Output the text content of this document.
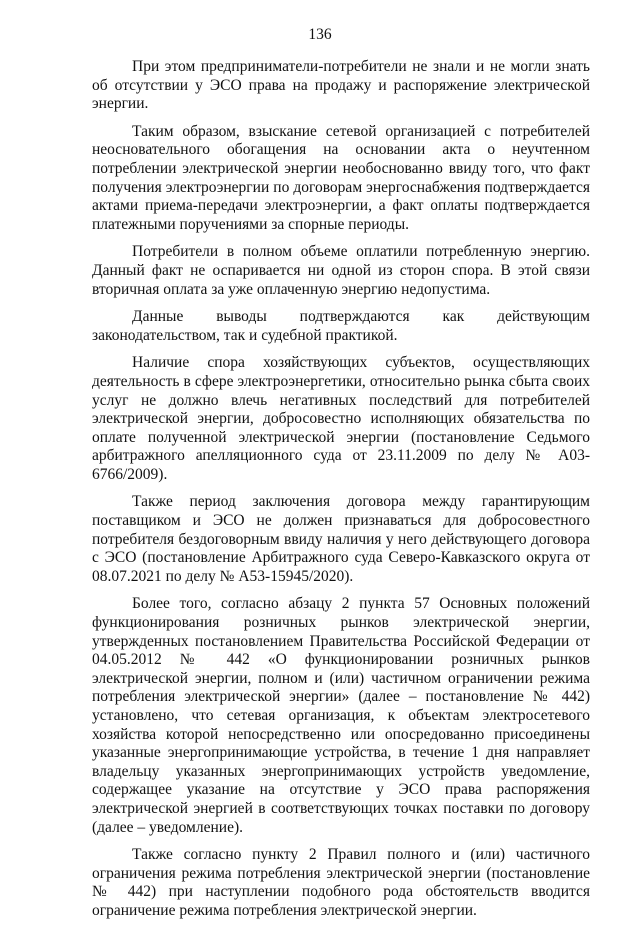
136

При этом предприниматели-потребители не знали и не могли знать об отсутствии у ЭСО права на продажу и распоряжение электрической энергии.

Таким образом, взыскание сетевой организацией с потребителей неосновательного обогащения на основании акта о неучтенном потреблении электрической энергии необоснованно ввиду того, что факт получения электроэнергии по договорам энергоснабжения подтверждается актами приема-передачи электроэнергии, а факт оплаты подтверждается платежными поручениями за спорные периоды.

Потребители в полном объеме оплатили потребленную энергию. Данный факт не оспаривается ни одной из сторон спора. В этой связи вторичная оплата за уже оплаченную энергию недопустима.

Данные выводы подтверждаются как действующим законодательством, так и судебной практикой.

Наличие спора хозяйствующих субъектов, осуществляющих деятельность в сфере электроэнергетики, относительно рынка сбыта своих услуг не должно влечь негативных последствий для потребителей электрической энергии, добросовестно исполняющих обязательства по оплате полученной электрической энергии (постановление Седьмого арбитражного апелляционного суда от 23.11.2009 по делу № А03-6766/2009).

Также период заключения договора между гарантирующим поставщиком и ЭСО не должен признаваться для добросовестного потребителя бездоговорным ввиду наличия у него действующего договора с ЭСО (постановление Арбитражного суда Северо-Кавказского округа от 08.07.2021 по делу № А53-15945/2020).

Более того, согласно абзацу 2 пункта 57 Основных положений функционирования розничных рынков электрической энергии, утвержденных постановлением Правительства Российской Федерации от 04.05.2012 № 442 «О функционировании розничных рынков электрической энергии, полном и (или) частичном ограничении режима потребления электрической энергии» (далее – постановление № 442) установлено, что сетевая организация, к объектам электросетевого хозяйства которой непосредственно или опосредованно присоединены указанные энергопринимающие устройства, в течение 1 дня направляет владельцу указанных энергопринимающих устройств уведомление, содержащее указание на отсутствие у ЭСО права распоряжения электрической энергией в соответствующих точках поставки по договору (далее – уведомление).

Также согласно пункту 2 Правил полного и (или) частичного ограничения режима потребления электрической энергии (постановление № 442) при наступлении подобного рода обстоятельств вводится ограничение режима потребления электрической энергии.
